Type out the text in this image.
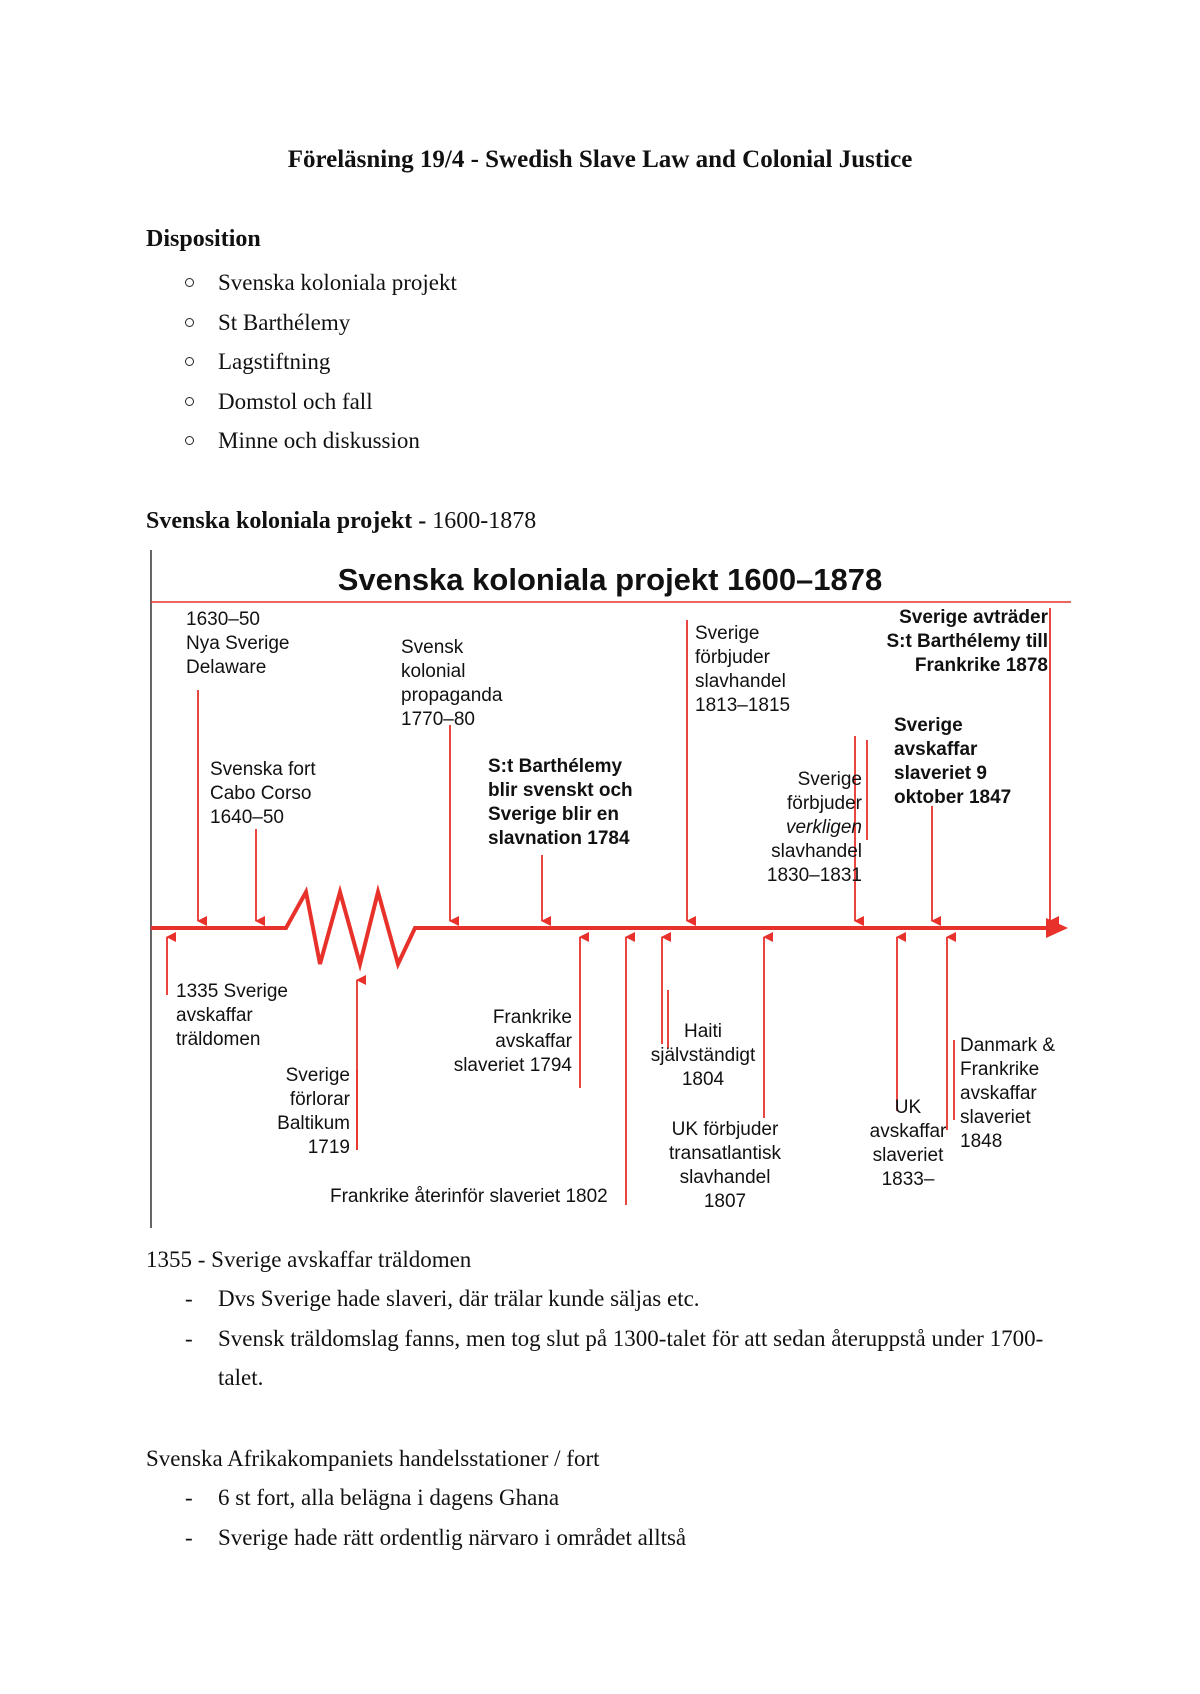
Föreläsning 19/4 - Swedish Slave Law and Colonial Justice
Disposition
Svenska koloniala projekt
St Barthélemy
Lagstiftning
Domstol och fall
Minne och diskussion
Svenska koloniala projekt - 1600-1878
Svenska koloniala projekt 1600–1878
1630–50
Nya Sverige
Delaware
Svenska fort
Cabo Corso
1640–50
Svensk
kolonial
propaganda
1770–80
S:t Barthélemy
blir svenskt och
Sverige blir en
slavnation 1784
Sverige
förbjuder
slavhandel
1813–1815

Sverige
förbjuder
verkligen
slavhandel
1830–1831

Sverige
avskaffar
slaveriet 9
oktober 1847
Sverige avträder
S:t Barthélemy till
Frankrike 1878
1335 Sverige
avskaffar
träldomen
Sverige
förlorar
Baltikum
1719
Frankrike
avskaffar
slaveriet 1794
Frankrike återinför slaveriet 1802
Haiti
självständigt
1804
UK förbjuder
transatlantisk
slavhandel
1807
UK
avskaffar
slaveriet
1833–
Danmark &
Frankrike
avskaffar
slaveriet
1848
1355 - Sverige avskaffar träldomen
- Dvs Sverige hade slaveri, där trälar kunde säljas etc.
- Svensk träldomslag fanns, men tog slut på 1300-talet för att sedan återuppstå under 1700-talet.
Svenska Afrikakompaniets handelsstationer / fort
- 6 st fort, alla belägna i dagens Ghana
- Sverige hade rätt ordentlig närvaro i området alltså
